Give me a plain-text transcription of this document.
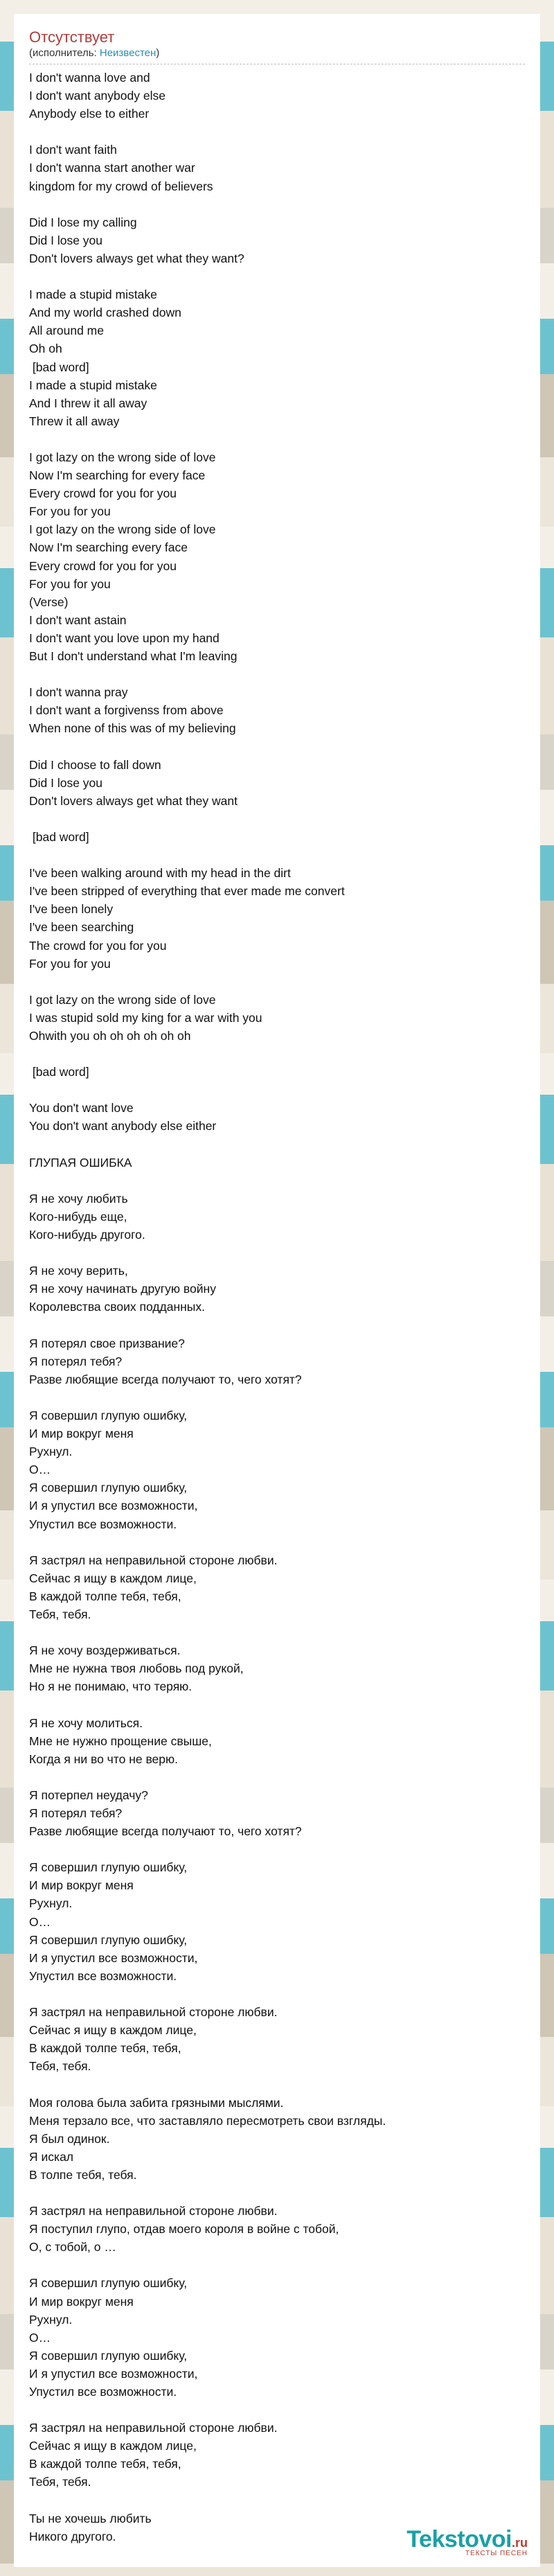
Отсутствует
(исполнитель: Неизвестен)
I don't wanna love and
I don't want anybody else
Anybody else to either

I don't want faith
I don't wanna start another war
kingdom for my crowd of believers

Did I lose my calling
Did I lose you
Don't lovers always get what they want?

I made a stupid mistake
And my world crashed down
All around me
Oh oh
[bad word]
I made a stupid mistake
And I threw it all away
Threw it all away

I got lazy on the wrong side of love
Now I'm searching for every face
Every crowd for you for you
For you for you
I got lazy on the wrong side of love
Now I'm searching every face
Every crowd for you for you
For you for you
(Verse)
I don't want astain
I don't want you love upon my hand
But I don't understand what I'm leaving

I don't wanna pray
I don't want a forgivenss from above
When none of this was of my believing

Did I choose to fall down
Did I lose you
Don't lovers always get what they want

[bad word]

I've been walking around with my head in the dirt
I've been stripped of everything that ever made me convert
I've been lonely
I've been searching
The crowd for you for you
For you for you

I got lazy on the wrong side of love
I was stupid sold my king for a war with you
Ohwith you oh oh oh oh oh oh

[bad word]

You don't want love
You don't want anybody else either

ГЛУПАЯ ОШИБКА

Я не хочу любить
Кого-нибудь еще,
Кого-нибудь другого.

Я не хочу верить,
Я не хочу начинать другую войну
Королевства своих подданных.

Я потерял свое призвание?
Я потерял тебя?
Разве любящие всегда получают то, чего хотят?

Я совершил глупую ошибку,
И мир вокруг меня
Рухнул.
О…
Я совершил глупую ошибку,
И я упустил все возможности,
Упустил все возможности.

Я застрял на неправильной стороне любви.
Сейчас я ищу в каждом лице,
В каждой толпе тебя, тебя,
Тебя, тебя.

Я не хочу воздерживаться.
Мне не нужна твоя любовь под рукой,
Но я не понимаю, что теряю.

Я не хочу молиться.
Мне не нужно прощение свыше,
Когда я ни во что не верю.

Я потерпел неудачу?
Я потерял тебя?
Разве любящие всегда получают то, чего хотят?

Я совершил глупую ошибку,
И мир вокруг меня
Рухнул.
О…
Я совершил глупую ошибку,
И я упустил все возможности,
Упустил все возможности.

Я застрял на неправильной стороне любви.
Сейчас я ищу в каждом лице,
В каждой толпе тебя, тебя,
Тебя, тебя.

Моя голова была забита грязными мыслями.
Меня терзало все, что заставляло пересмотреть свои взгляды.
Я был одинок.
Я искал
В толпе тебя, тебя.

Я застрял на неправильной стороне любви.
Я поступил глупо, отдав моего короля в войне с тобой,
О, с тобой, о …

Я совершил глупую ошибку,
И мир вокруг меня
Рухнул.
О…
Я совершил глупую ошибку,
И я упустил все возможности,
Упустил все возможности.

Я застрял на неправильной стороне любви.
Сейчас я ищу в каждом лице,
В каждой толпе тебя, тебя,
Тебя, тебя.

Ты не хочешь любить
Никого другого.	Tekstovoi.ru
ТЕКСТЫ ПЕСЕН
